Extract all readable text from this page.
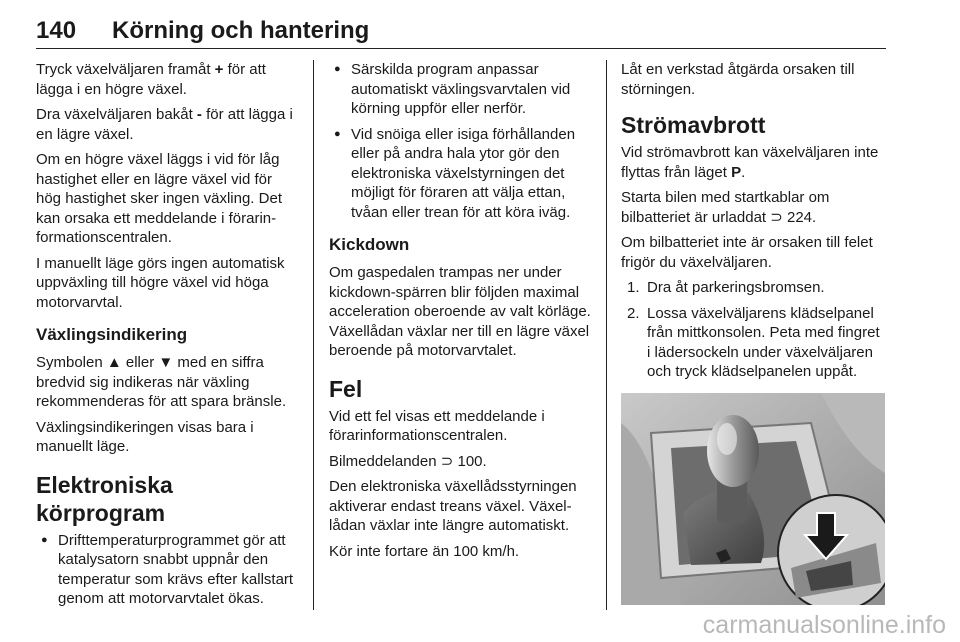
140 Körning och hantering

Tryck växelväljaren framåt + för att lägga i en högre växel.

Dra växelväljaren bakåt - för att lägga i en lägre växel.

Om en högre växel läggs i vid för låg hastighet eller en lägre växel vid för hög hastighet sker ingen växling. Det kan orsaka ett meddelande i förarinformationscentralen.

I manuellt läge görs ingen automatisk uppväxling till högre växel vid höga motorvarvtal.

Växlingsindikering

Symbolen ▲ eller ▼ med en siffra bredvid sig indikeras när växling rekommenderas för att spara bränsle.

Växlingsindikeringen visas bara i manuellt läge.

Elektroniska körprogram
● Drifttemperaturprogrammet gör att katalysatorn snabbt uppnår den temperatur som krävs efter kallstart genom att motorvarvtalet ökas.
● Särskilda program anpassar automatiskt växlingsvarvtalen vid körning uppför eller nerför.
● Vid snöiga eller isiga förhållanden eller på andra hala ytor gör den elektroniska växelstyrningen det möjligt för föraren att välja ettan, tvåan eller trean för att köra iväg.
Kickdown

Om gaspedalen trampas ner under kickdown-spärren blir följden maximal acceleration oberoende av valt körläge. Växellådan växlar ner till en lägre växel beroende på motorvarvtalet.

Fel

Vid ett fel visas ett meddelande i förarinformationscentralen.

Bilmeddelanden ⊃ 100.

Den elektroniska växellådsstyrningen aktiverar endast treans växel. Växellådan växlar inte längre automatiskt.

Kör inte fortare än 100 km/h.

Låt en verkstad åtgärda orsaken till störningen.

Strömavbrott

Vid strömavbrott kan växelväljaren inte flyttas från läget P.

Starta bilen med startkablar om bilbatteriet är urladdat ⊃ 224.

Om bilbatteriet inte är orsaken till felet frigör du växelväljaren.

1. Dra åt parkeringsbromsen.
2. Lossa växelväljarens klädselpanel från mittkonsolen. Peta med fingret i lädersockeln under växelväljaren och tryck klädselpanelen uppåt.
carmanualsonline.info
